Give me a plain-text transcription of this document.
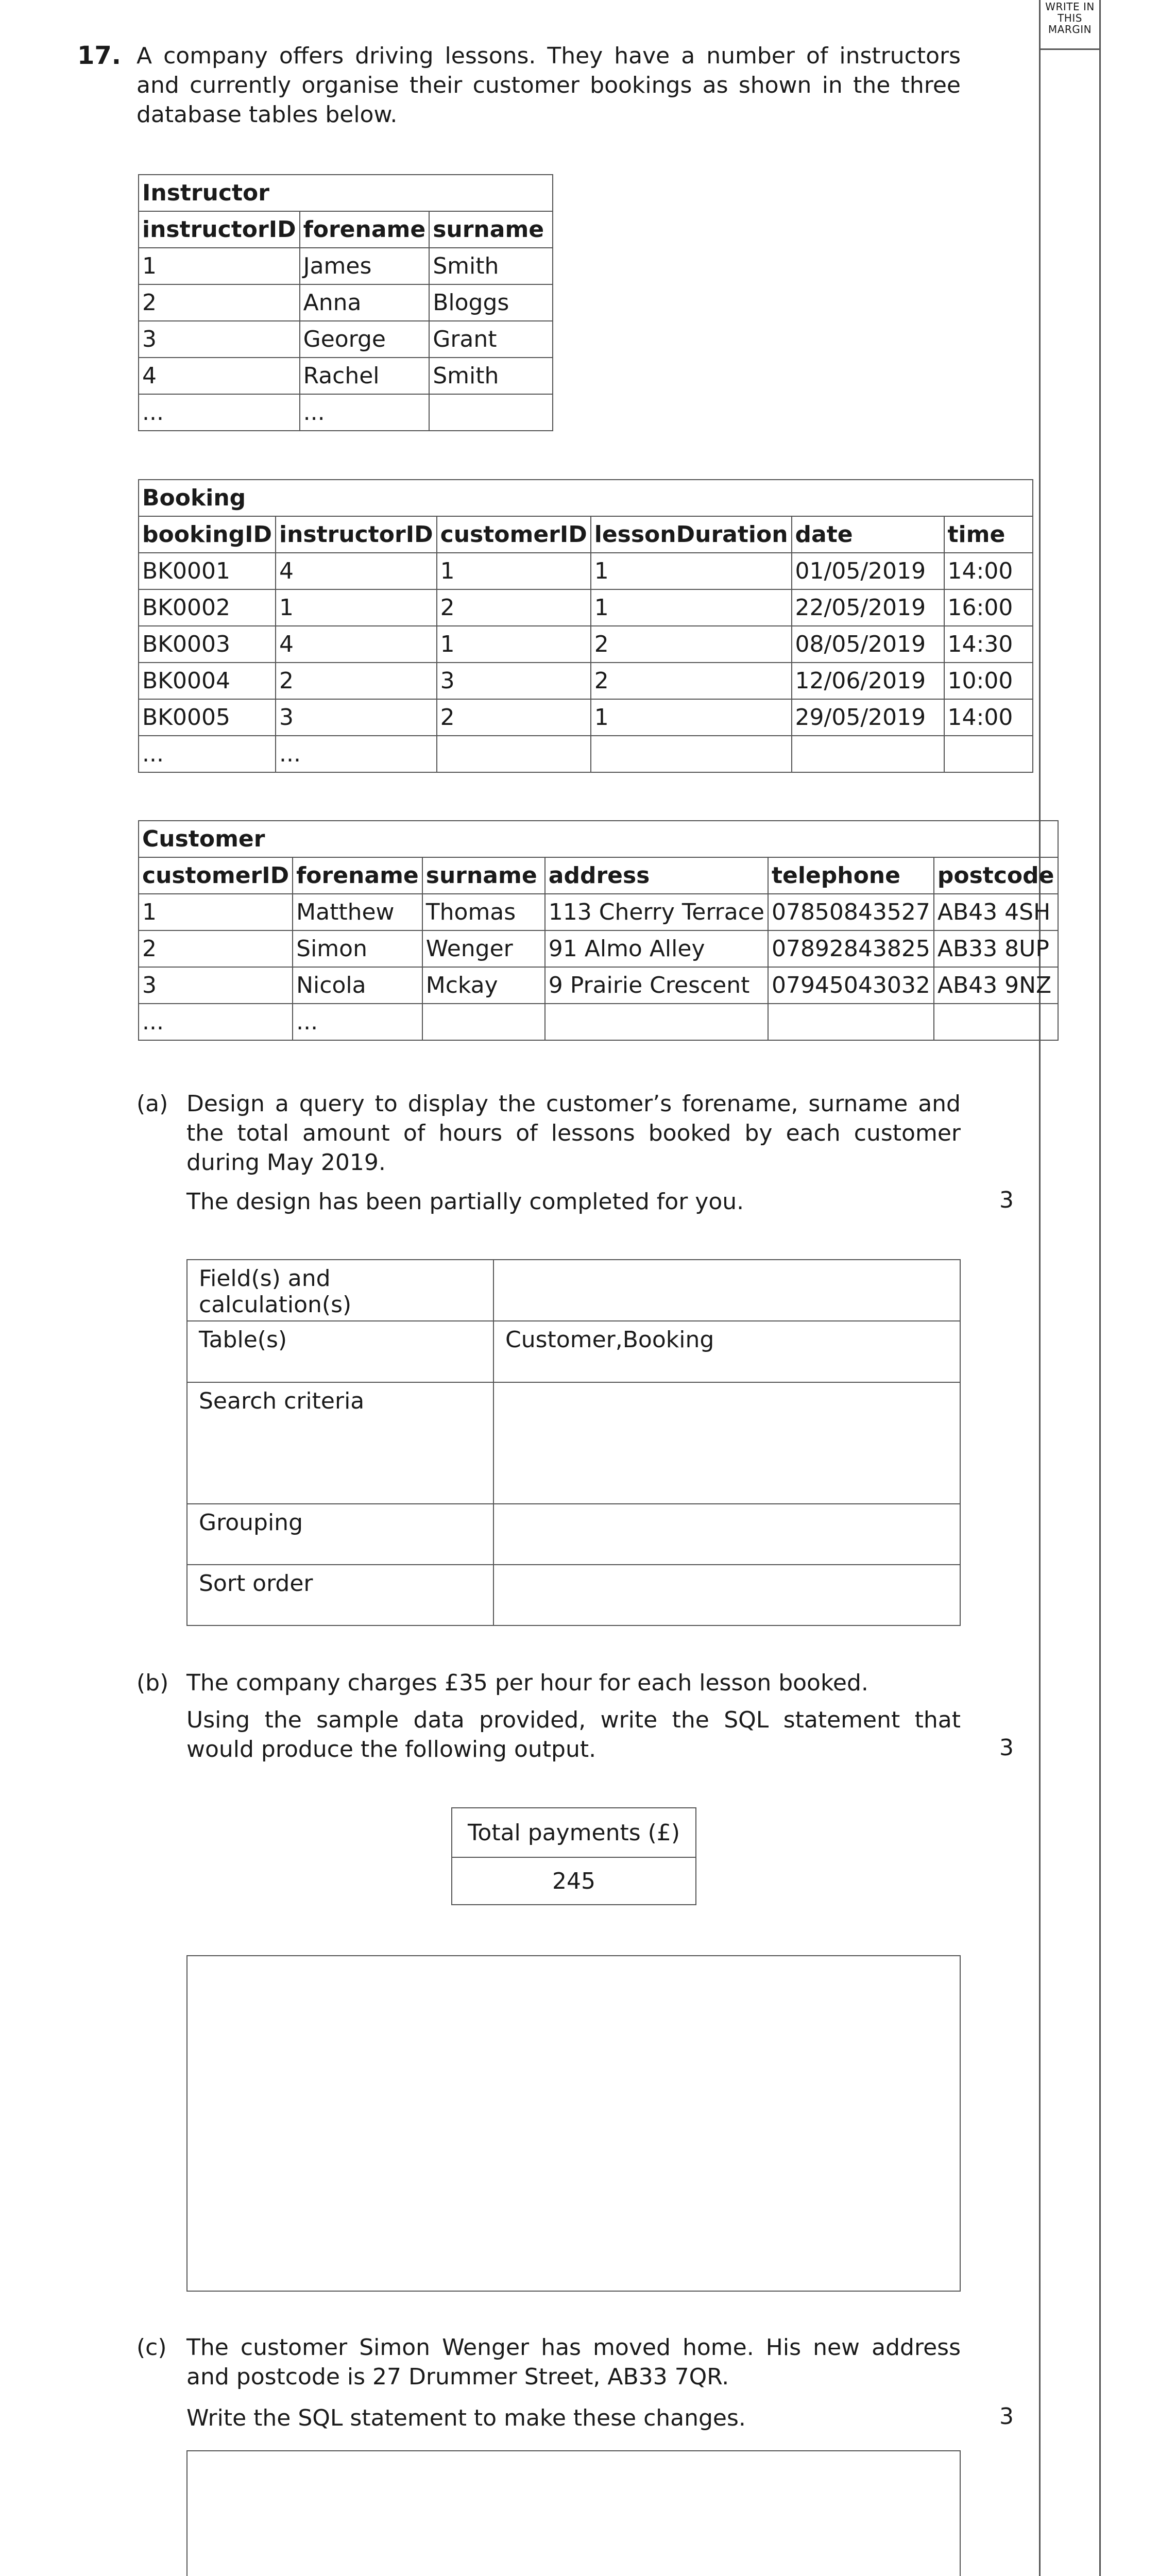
WRITE IN
THIS
MARGIN
17. A company offers driving lessons. They have a number of instructors and currently organise their customer bookings as shown in the three database tables below.
Instructor		
instructorID	forename	surname
1	James	Smith
2	Anna	Bloggs
3	George	Grant
4	Rachel	Smith
...	...	
Booking					
bookingID	instructorID	customerID	lessonDuration	date	time
BK0001	4	1	1	01/05/2019	14:00
BK0002	1	2	1	22/05/2019	16:00
BK0003	4	1	2	08/05/2019	14:30
BK0004	2	3	2	12/06/2019	10:00
BK0005	3	2	1	29/05/2019	14:00
...	...				
Customer					
customerID	forename	surname	address	telephone	postcode
1	Matthew	Thomas	113 Cherry Terrace	07850843527	AB43 4SH
2	Simon	Wenger	91 Almo Alley	07892843825	AB33 8UP
3	Nicola	Mckay	9 Prairie Crescent	07945043032	AB43 9NZ
...	...				
(a) Design a query to display the customer’s forename, surname and the total amount of hours of lessons booked by each customer during May 2019.
The design has been partially completed for you.	3
Field(s) and calculation(s)	
Table(s)	Customer,Booking
Search criteria	
Grouping	
Sort order	
(b) The company charges £35 per hour for each lesson booked.
Using the sample data provided, write the SQL statement that would produce the following output.	3
Total payments (£)
245
(c) The customer Simon Wenger has moved home. His new address and postcode is 27 Drummer Street, AB33 7QR.
Write the SQL statement to make these changes.	3
